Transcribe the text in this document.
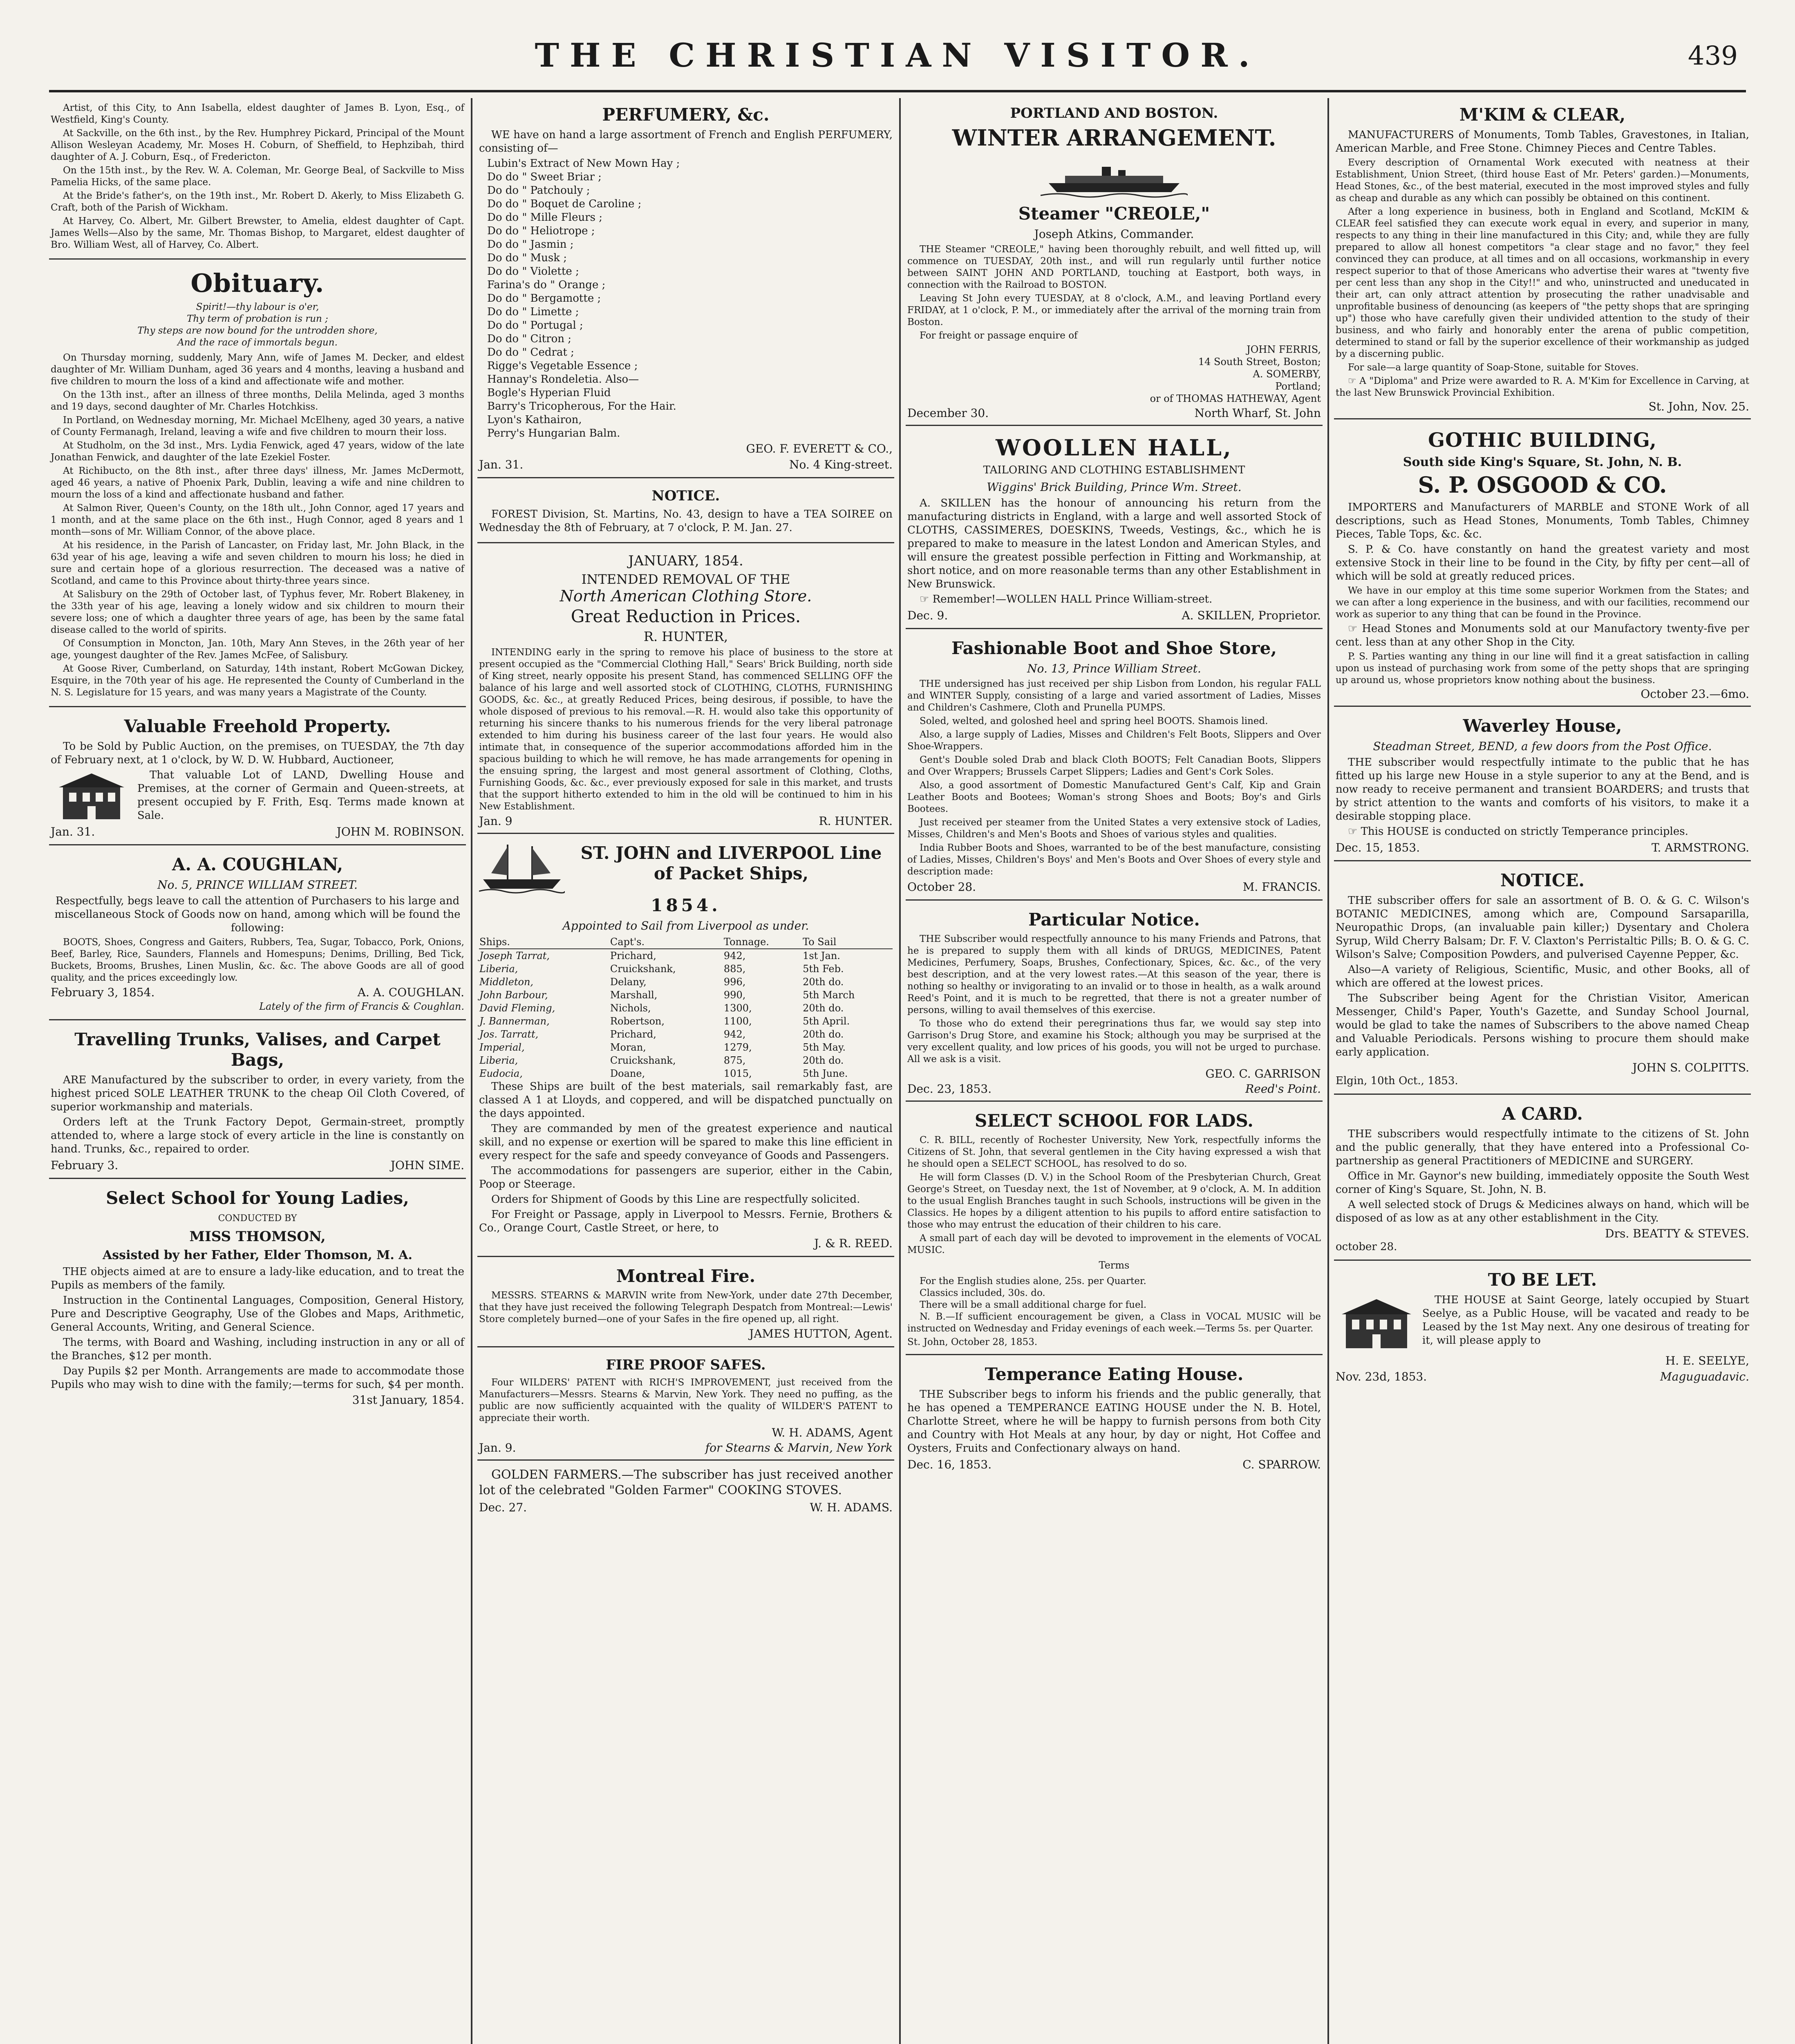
THE CHRISTIAN VISITOR.	439

Artist, of this City, to Ann Isabella, eldest daughter of James B. Lyon, Esq., of Westfield, King's County.

At Sackville, on the 6th inst., by the Rev. Humphrey Pickard, Principal of the Mount Allison Wesleyan Academy, Mr. Moses H. Coburn, of Sheffield, to Hephzibah, third daughter of A. J. Coburn, Esq., of Fredericton.

On the 15th inst., by the Rev. W. A. Coleman, Mr. George Beal, of Sackville to Miss Pamelia Hicks, of the same place.

At the Bride's father's, on the 19th inst., Mr. Robert D. Akerly, to Miss Elizabeth G. Craft, both of the Parish of Wickham.

At Harvey, Co. Albert, Mr. Gilbert Brewster, to Amelia, eldest daughter of Capt. James Wells—Also by the same, Mr. Thomas Bishop, to Margaret, eldest daughter of Bro. William West, all of Harvey, Co. Albert.

Obituary.
Spirit!—thy labour is o'er,
Thy term of probation is run ;
Thy steps are now bound for the untrodden shore,
And the race of immortals begun.

On Thursday morning, suddenly, Mary Ann, wife of James M. Decker, and eldest daughter of Mr. William Dunham, aged 36 years and 4 months, leaving a husband and five children to mourn the loss of a kind and affectionate wife and mother.

On the 13th inst., after an illness of three months, Delila Melinda, aged 3 months and 19 days, second daughter of Mr. Charles Hotchkiss.

In Portland, on Wednesday morning, Mr. Michael McElheny, aged 30 years, a native of County Fermanagh, Ireland, leaving a wife and five children to mourn their loss.

At Studholm, on the 3d inst., Mrs. Lydia Fenwick, aged 47 years, widow of the late Jonathan Fenwick, and daughter of the late Ezekiel Foster.

At Richibucto, on the 8th inst., after three days' illness, Mr. James McDermott, aged 46 years, a native of Phoenix Park, Dublin, leaving a wife and nine children to mourn the loss of a kind and affectionate husband and father.

At Salmon River, Queen's County, on the 18th ult., John Connor, aged 17 years and 1 month, and at the same place on the 6th inst., Hugh Connor, aged 8 years and 1 month—sons of Mr. William Connor, of the above place.

At his residence, in the Parish of Lancaster, on Friday last, Mr. John Black, in the 63d year of his age, leaving a wife and seven children to mourn his loss; he died in sure and certain hope of a glorious resurrection. The deceased was a native of Scotland, and came to this Province about thirty-three years since.

At Salisbury on the 29th of October last, of Typhus fever, Mr. Robert Blakeney, in the 33th year of his age, leaving a lonely widow and six children to mourn their severe loss; one of which a daughter three years of age, has been by the same fatal disease called to the world of spirits.

Of Consumption in Moncton, Jan. 10th, Mary Ann Steves, in the 26th year of her age, youngest daughter of the Rev. James McFee, of Salisbury.

At Goose River, Cumberland, on Saturday, 14th instant, Robert McGowan Dickey, Esquire, in the 70th year of his age. He represented the County of Cumberland in the N. S. Legislature for 15 years, and was many years a Magistrate of the County.

Valuable Freehold Property.

To be Sold by Public Auction, on the premises, on TUESDAY, the 7th day of February next, at 1 o'clock, by W. D. W. Hubbard, Auctioneer,

That valuable Lot of LAND, Dwelling House and Premises, at the corner of Germain and Queen-streets, at present occupied by F. Frith, Esq. Terms made known at Sale.

Jan. 31.	JOHN M. ROBINSON.
A. A. COUGHLAN,
No. 5, PRINCE WILLIAM STREET.

Respectfully, begs leave to call the attention of Purchasers to his large and miscellaneous Stock of Goods now on hand, among which will be found the following:

BOOTS, Shoes, Congress and Gaiters, Rubbers, Tea, Sugar, Tobacco, Pork, Onions, Beef, Barley, Rice, Saunders, Flannels and Homespuns; Denims, Drilling, Bed Tick, Buckets, Brooms, Brushes, Linen Muslin, &c. &c. The above Goods are all of good quality, and the prices exceedingly low.

February 3, 1854.	A. A. COUGHLAN.
Lately of the firm of Francis & Coughlan.
Travelling Trunks, Valises, and Carpet Bags,

ARE Manufactured by the subscriber to order, in every variety, from the highest priced SOLE LEATHER TRUNK to the cheap Oil Cloth Covered, of superior workmanship and materials.

Orders left at the Trunk Factory Depot, Germain-street, promptly attended to, where a large stock of every article in the line is constantly on hand. Trunks, &c., repaired to order.

February 3.	JOHN SIME.
Select School for Young Ladies,
CONDUCTED BY
MISS THOMSON,
Assisted by her Father, Elder Thomson, M. A.

THE objects aimed at are to ensure a lady-like education, and to treat the Pupils as members of the family.

Instruction in the Continental Languages, Composition, General History, Pure and Descriptive Geography, Use of the Globes and Maps, Arithmetic, General Accounts, Writing, and General Science.

The terms, with Board and Washing, including instruction in any or all of the Branches, $12 per month.

Day Pupils $2 per Month. Arrangements are made to accommodate those Pupils who may wish to dine with the family;—terms for such, $4 per month.

31st January, 1854.
PERFUMERY, &c.

WE have on hand a large assortment of French and English PERFUMERY, consisting of—

Lubin's Extract of New Mown Hay ;
Do do " Sweet Briar ;
Do do " Patchouly ;
Do do " Boquet de Caroline ;
Do do " Mille Fleurs ;
Do do " Heliotrope ;
Do do " Jasmin ;
Do do " Musk ;
Do do " Violette ;
Farina's do " Orange ;
Do do " Bergamotte ;
Do do " Limette ;
Do do " Portugal ;
Do do " Citron ;
Do do " Cedrat ;
Rigge's Vegetable Essence ;
Hannay's Rondeletia. Also—
Bogle's Hyperian Fluid
Barry's Tricopherous, For the Hair.
Lyon's Kathairon,
Perry's Hungarian Balm.
GEO. F. EVERETT & CO.,
Jan. 31.	No. 4 King-street.
NOTICE.

FOREST Division, St. Martins, No. 43, design to have a TEA SOIREE on Wednesday the 8th of February, at 7 o'clock, P. M. Jan. 27.

JANUARY, 1854.
INTENDED REMOVAL OF THE
North American Clothing Store.
Great Reduction in Prices.
R. HUNTER,

INTENDING early in the spring to remove his place of business to the store at present occupied as the "Commercial Clothing Hall," Sears' Brick Building, north side of King street, nearly opposite his present Stand, has commenced SELLING OFF the balance of his large and well assorted stock of CLOTHING, CLOTHS, FURNISHING GOODS, &c. &c., at greatly Reduced Prices, being desirous, if possible, to have the whole disposed of previous to his removal.—R. H. would also take this opportunity of returning his sincere thanks to his numerous friends for the very liberal patronage extended to him during his business career of the last four years. He would also intimate that, in consequence of the superior accommodations afforded him in the spacious building to which he will remove, he has made arrangements for opening in the ensuing spring, the largest and most general assortment of Clothing, Cloths, Furnishing Goods, &c. &c., ever previously exposed for sale in this market, and trusts that the support hitherto extended to him in the old will be continued to him in his New Establishment.

Jan. 9	R. HUNTER.
ST. JOHN and LIVERPOOL Line of Packet Ships,
1854.
Appointed to Sail from Liverpool as under.
Ships.	Capt's.	Tonnage.	To Sail
Joseph Tarrat,	Prichard,	942,	1st Jan.
Liberia,	Cruickshank,	885,	5th Feb.
Middleton,	Delany,	996,	20th do.
John Barbour,	Marshall,	990,	5th March
David Fleming,	Nichols,	1300,	20th do.
J. Bannerman,	Robertson,	1100,	5th April.
Jos. Tarratt,	Prichard,	942,	20th do.
Imperial,	Moran,	1279,	5th May.
Liberia,	Cruickshank,	875,	20th do.
Eudocia,	Doane,	1015,	5th June.

These Ships are built of the best materials, sail remarkably fast, are classed A 1 at Lloyds, and coppered, and will be dispatched punctually on the days appointed.

They are commanded by men of the greatest experience and nautical skill, and no expense or exertion will be spared to make this line efficient in every respect for the safe and speedy conveyance of Goods and Passengers.

The accommodations for passengers are superior, either in the Cabin, Poop or Steerage.

Orders for Shipment of Goods by this Line are respectfully solicited.

For Freight or Passage, apply in Liverpool to Messrs. Fernie, Brothers & Co., Orange Court, Castle Street, or here, to

J. & R. REED.
Montreal Fire.

MESSRS. STEARNS & MARVIN write from New-York, under date 27th December, that they have just received the following Telegraph Despatch from Montreal:—Lewis' Store completely burned—one of your Safes in the fire opened up, all right.

JAMES HUTTON, Agent.
FIRE PROOF SAFES.

Four WILDERS' PATENT with RICH'S IMPROVEMENT, just received from the Manufacturers—Messrs. Stearns & Marvin, New York. They need no puffing, as the public are now sufficiently acquainted with the quality of WILDER'S PATENT to appreciate their worth.

W. H. ADAMS, Agent
Jan. 9.	for Stearns & Marvin, New York

GOLDEN FARMERS.—The subscriber has just received another lot of the celebrated "Golden Farmer" COOKING STOVES.

Dec. 27.	W. H. ADAMS.
PORTLAND AND BOSTON.
WINTER ARRANGEMENT.
Steamer "CREOLE,"
Joseph Atkins, Commander.

THE Steamer "CREOLE," having been thoroughly rebuilt, and well fitted up, will commence on TUESDAY, 20th inst., and will run regularly until further notice between SAINT JOHN AND PORTLAND, touching at Eastport, both ways, in connection with the Railroad to BOSTON.

Leaving St John every TUESDAY, at 8 o'clock, A.M., and leaving Portland every FRIDAY, at 1 o'clock, P. M., or immediately after the arrival of the morning train from Boston.

For freight or passage enquire of

JOHN FERRIS,
14 South Street, Boston;
A. SOMERBY,
Portland;
or of THOMAS HATHEWAY, Agent
December 30.	North Wharf, St. John
WOOLLEN HALL,
TAILORING AND CLOTHING ESTABLISHMENT
Wiggins' Brick Building, Prince Wm. Street.

A. SKILLEN has the honour of announcing his return from the manufacturing districts in England, with a large and well assorted Stock of CLOTHS, CASSIMERES, DOESKINS, Tweeds, Vestings, &c., which he is prepared to make to measure in the latest London and American Styles, and will ensure the greatest possible perfection in Fitting and Workmanship, at short notice, and on more reasonable terms than any other Establishment in New Brunswick.

☞ Remember!—WOLLEN HALL Prince William-street.

Dec. 9.	A. SKILLEN, Proprietor.
Fashionable Boot and Shoe Store,
No. 13, Prince William Street.

THE undersigned has just received per ship Lisbon from London, his regular FALL and WINTER Supply, consisting of a large and varied assortment of Ladies, Misses and Children's Cashmere, Cloth and Prunella PUMPS.

Soled, welted, and goloshed heel and spring heel BOOTS. Shamois lined.

Also, a large supply of Ladies, Misses and Children's Felt Boots, Slippers and Over Shoe-Wrappers.

Gent's Double soled Drab and black Cloth BOOTS; Felt Canadian Boots, Slippers and Over Wrappers; Brussels Carpet Slippers; Ladies and Gent's Cork Soles.

Also, a good assortment of Domestic Manufactured Gent's Calf, Kip and Grain Leather Boots and Bootees; Woman's strong Shoes and Boots; Boy's and Girls Bootees.

Just received per steamer from the United States a very extensive stock of Ladies, Misses, Children's and Men's Boots and Shoes of various styles and qualities.

India Rubber Boots and Shoes, warranted to be of the best manufacture, consisting of Ladies, Misses, Children's Boys' and Men's Boots and Over Shoes of every style and description made:

October 28.	M. FRANCIS.
Particular Notice.

THE Subscriber would respectfully announce to his many Friends and Patrons, that he is prepared to supply them with all kinds of DRUGS, MEDICINES, Patent Medicines, Perfumery, Soaps, Brushes, Confectionary, Spices, &c. &c., of the very best description, and at the very lowest rates.—At this season of the year, there is nothing so healthy or invigorating to an invalid or to those in health, as a walk around Reed's Point, and it is much to be regretted, that there is not a greater number of persons, willing to avail themselves of this exercise.

To those who do extend their peregrinations thus far, we would say step into Garrison's Drug Store, and examine his Stock; although you may be surprised at the very excellent quality, and low prices of his goods, you will not be urged to purchase. All we ask is a visit.

GEO. C. GARRISON
Dec. 23, 1853.	Reed's Point.
SELECT SCHOOL FOR LADS.

C. R. BILL, recently of Rochester University, New York, respectfully informs the Citizens of St. John, that several gentlemen in the City having expressed a wish that he should open a SELECT SCHOOL, has resolved to do so.

He will form Classes (D. V.) in the School Room of the Presbyterian Church, Great George's Street, on Tuesday next, the 1st of November, at 9 o'clock, A. M. In addition to the usual English Branches taught in such Schools, instructions will be given in the Classics. He hopes by a diligent attention to his pupils to afford entire satisfaction to those who may entrust the education of their children to his care.

A small part of each day will be devoted to improvement in the elements of VOCAL MUSIC.

Terms
For the English studies alone, 25s. per Quarter.
Classics included, 30s. do.
There will be a small additional charge for fuel.

N. B.—If sufficient encouragement be given, a Class in VOCAL MUSIC will be instructed on Wednesday and Friday evenings of each week.—Terms 5s. per Quarter.

St. John, October 28, 1853.
Temperance Eating House.

THE Subscriber begs to inform his friends and the public generally, that he has opened a TEMPERANCE EATING HOUSE under the N. B. Hotel, Charlotte Street, where he will be happy to furnish persons from both City and Country with Hot Meals at any hour, by day or night, Hot Coffee and Oysters, Fruits and Confectionary always on hand.

Dec. 16, 1853.	C. SPARROW.
M'KIM & CLEAR,

MANUFACTURERS of Monuments, Tomb Tables, Gravestones, in Italian, American Marble, and Free Stone. Chimney Pieces and Centre Tables.

Every description of Ornamental Work executed with neatness at their Establishment, Union Street, (third house East of Mr. Peters' garden.)—Monuments, Head Stones, &c., of the best material, executed in the most improved styles and fully as cheap and durable as any which can possibly be obtained on this continent.

After a long experience in business, both in England and Scotland, McKIM & CLEAR feel satisfied they can execute work equal in every, and superior in many, respects to any thing in their line manufactured in this City; and, while they are fully prepared to allow all honest competitors "a clear stage and no favor," they feel convinced they can produce, at all times and on all occasions, workmanship in every respect superior to that of those Americans who advertise their wares at "twenty five per cent less than any shop in the City!!" and who, uninstructed and uneducated in their art, can only attract attention by prosecuting the rather unadvisable and unprofitable business of denouncing (as keepers of "the petty shops that are springing up") those who have carefully given their undivided attention to the study of their business, and who fairly and honorably enter the arena of public competition, determined to stand or fall by the superior excellence of their workmanship as judged by a discerning public.

For sale—a large quantity of Soap-Stone, suitable for Stoves.

☞ A "Diploma" and Prize were awarded to R. A. M'Kim for Excellence in Carving, at the last New Brunswick Provincial Exhibition.

St. John, Nov. 25.
GOTHIC BUILDING,
South side King's Square, St. John, N. B.
S. P. OSGOOD & CO.

IMPORTERS and Manufacturers of MARBLE and STONE Work of all descriptions, such as Head Stones, Monuments, Tomb Tables, Chimney Pieces, Table Tops, &c. &c.

S. P. & Co. have constantly on hand the greatest variety and most extensive Stock in their line to be found in the City, by fifty per cent—all of which will be sold at greatly reduced prices.

We have in our employ at this time some superior Workmen from the States; and we can after a long experience in the business, and with our facilities, recommend our work as superior to any thing that can be found in the Province.

☞ Head Stones and Monuments sold at our Manufactory twenty-five per cent. less than at any other Shop in the City.

P. S. Parties wanting any thing in our line will find it a great satisfaction in calling upon us instead of purchasing work from some of the petty shops that are springing up around us, whose proprietors know nothing about the business.

October 23.—6mo.
Waverley House,
Steadman Street, BEND, a few doors from the Post Office.

THE subscriber would respectfully intimate to the public that he has fitted up his large new House in a style superior to any at the Bend, and is now ready to receive permanent and transient BOARDERS; and trusts that by strict attention to the wants and comforts of his visitors, to make it a desirable stopping place.

☞ This HOUSE is conducted on strictly Temperance principles.

Dec. 15, 1853.	T. ARMSTRONG.
NOTICE.

THE subscriber offers for sale an assortment of B. O. & G. C. Wilson's BOTANIC MEDICINES, among which are, Compound Sarsaparilla, Neuropathic Drops, (an invaluable pain killer;) Dysentary and Cholera Syrup, Wild Cherry Balsam; Dr. F. V. Claxton's Perristaltic Pills; B. O. & G. C. Wilson's Salve; Composition Powders, and pulverised Cayenne Pepper, &c.

Also—A variety of Religious, Scientific, Music, and other Books, all of which are offered at the lowest prices.

The Subscriber being Agent for the Christian Visitor, American Messenger, Child's Paper, Youth's Gazette, and Sunday School Journal, would be glad to take the names of Subscribers to the above named Cheap and Valuable Periodicals. Persons wishing to procure them should make early application.

JOHN S. COLPITTS.
Elgin, 10th Oct., 1853.
A CARD.

THE subscribers would respectfully intimate to the citizens of St. John and the public generally, that they have entered into a Professional Co-partnership as general Practitioners of MEDICINE and SURGERY.

Office in Mr. Gaynor's new building, immediately opposite the South West corner of King's Square, St. John, N. B.

A well selected stock of Drugs & Medicines always on hand, which will be disposed of as low as at any other establishment in the City.

Drs. BEATTY & STEVES.
october 28.
TO BE LET.

THE HOUSE at Saint George, lately occupied by Stuart Seelye, as a Public House, will be vacated and ready to be Leased by the 1st May next. Any one desirous of treating for it, will please apply to

H. E. SEELYE,
Nov. 23d, 1853.	Maguguadavic.
